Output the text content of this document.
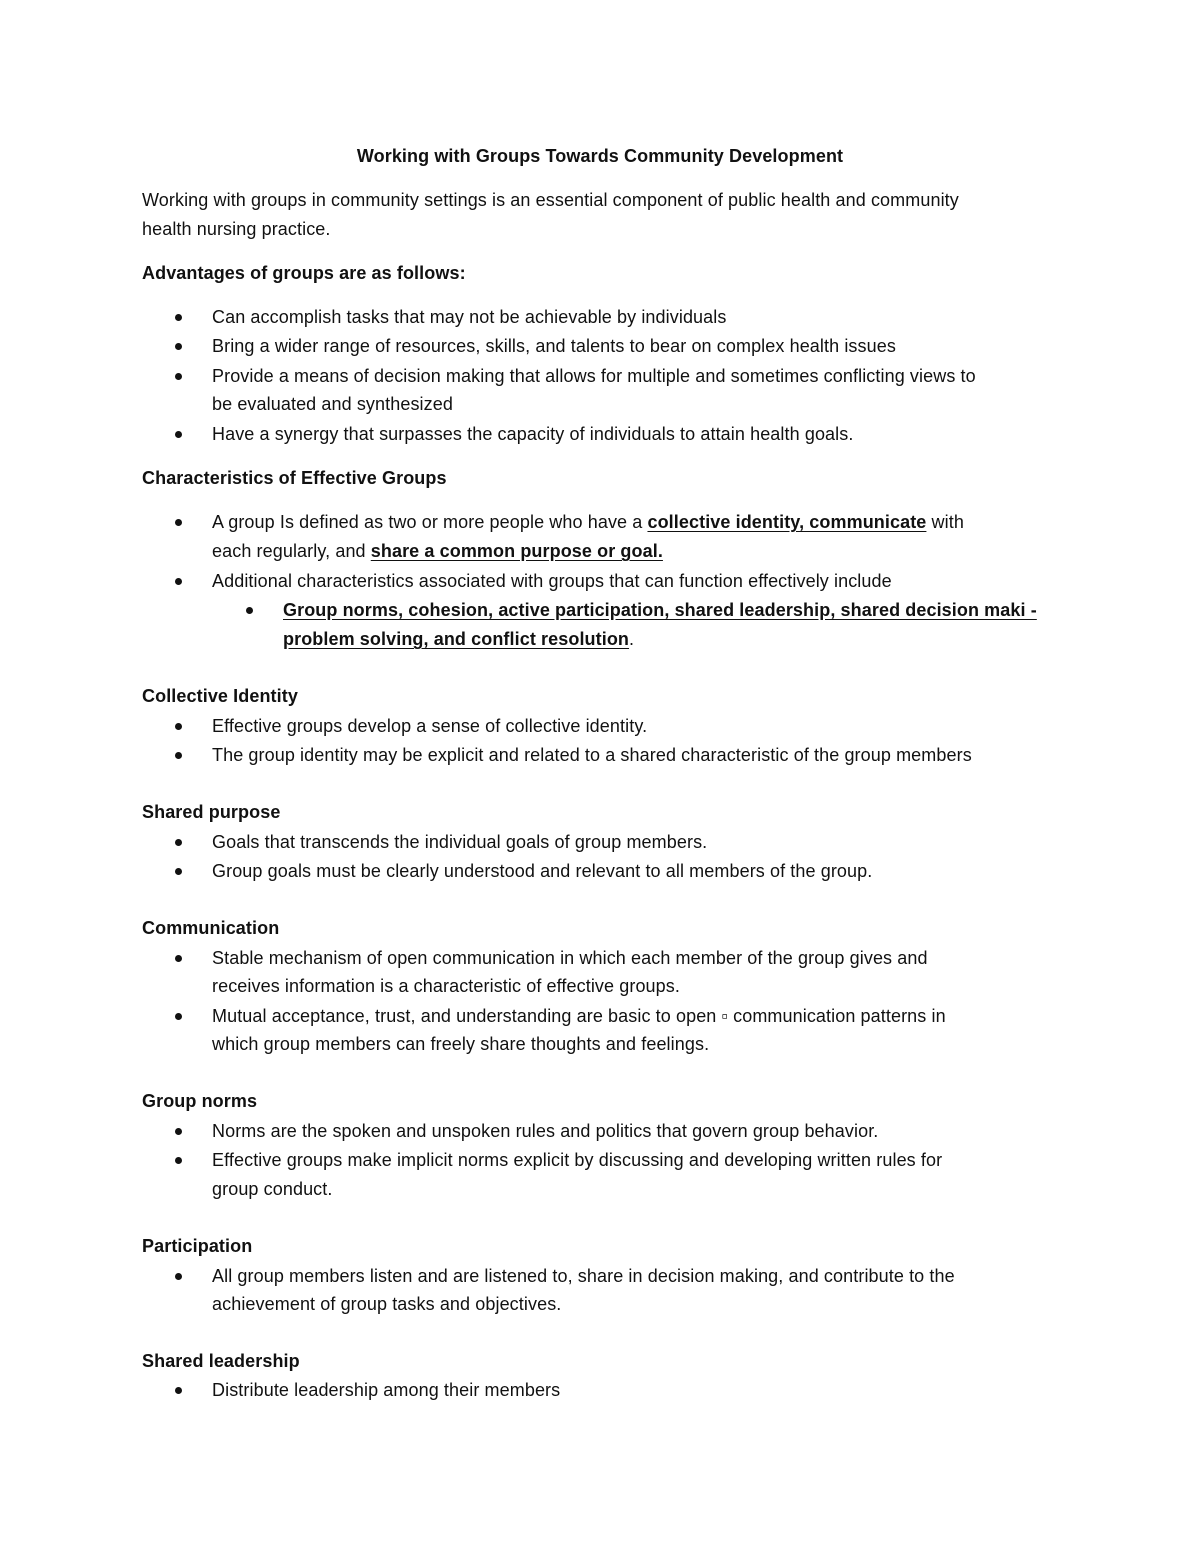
Working with Groups Towards Community Development
Working with groups in community settings is an essential component of public health and community
health nursing practice.
Advantages of groups are as follows:
Can accomplish tasks that may not be achievable by individuals
Bring a wider range of resources, skills, and talents to bear on complex health issues
Provide a means of decision making that allows for multiple and sometimes conflicting views to
be evaluated and synthesized
Have a synergy that surpasses the capacity of individuals to attain health goals.
Characteristics of Effective Groups
A group Is defined as two or more people who have a collective identity, communicate with
each regularly, and share a common purpose or goal.
Additional characteristics associated with groups that can function effectively include
Group norms, cohesion, active participation, shared leadership, shared decision maki -
problem solving, and conflict resolution.
Collective Identity
Effective groups develop a sense of collective identity.
The group identity may be explicit and related to a shared characteristic of the group members
Shared purpose
Goals that transcends the individual goals of group members.
Group goals must be clearly understood and relevant to all members of the group.
Communication
Stable mechanism of open communication in which each member of the group gives and
receives information is a characteristic of effective groups.
Mutual acceptance, trust, and understanding are basic to open ▫ communication patterns in
which group members can freely share thoughts and feelings.
Group norms
Norms are the spoken and unspoken rules and politics that govern group behavior.
Effective groups make implicit norms explicit by discussing and developing written rules for
group conduct.
Participation
All group members listen and are listened to, share in decision making, and contribute to the
achievement of group tasks and objectives.
Shared leadership
Distribute leadership among their members
